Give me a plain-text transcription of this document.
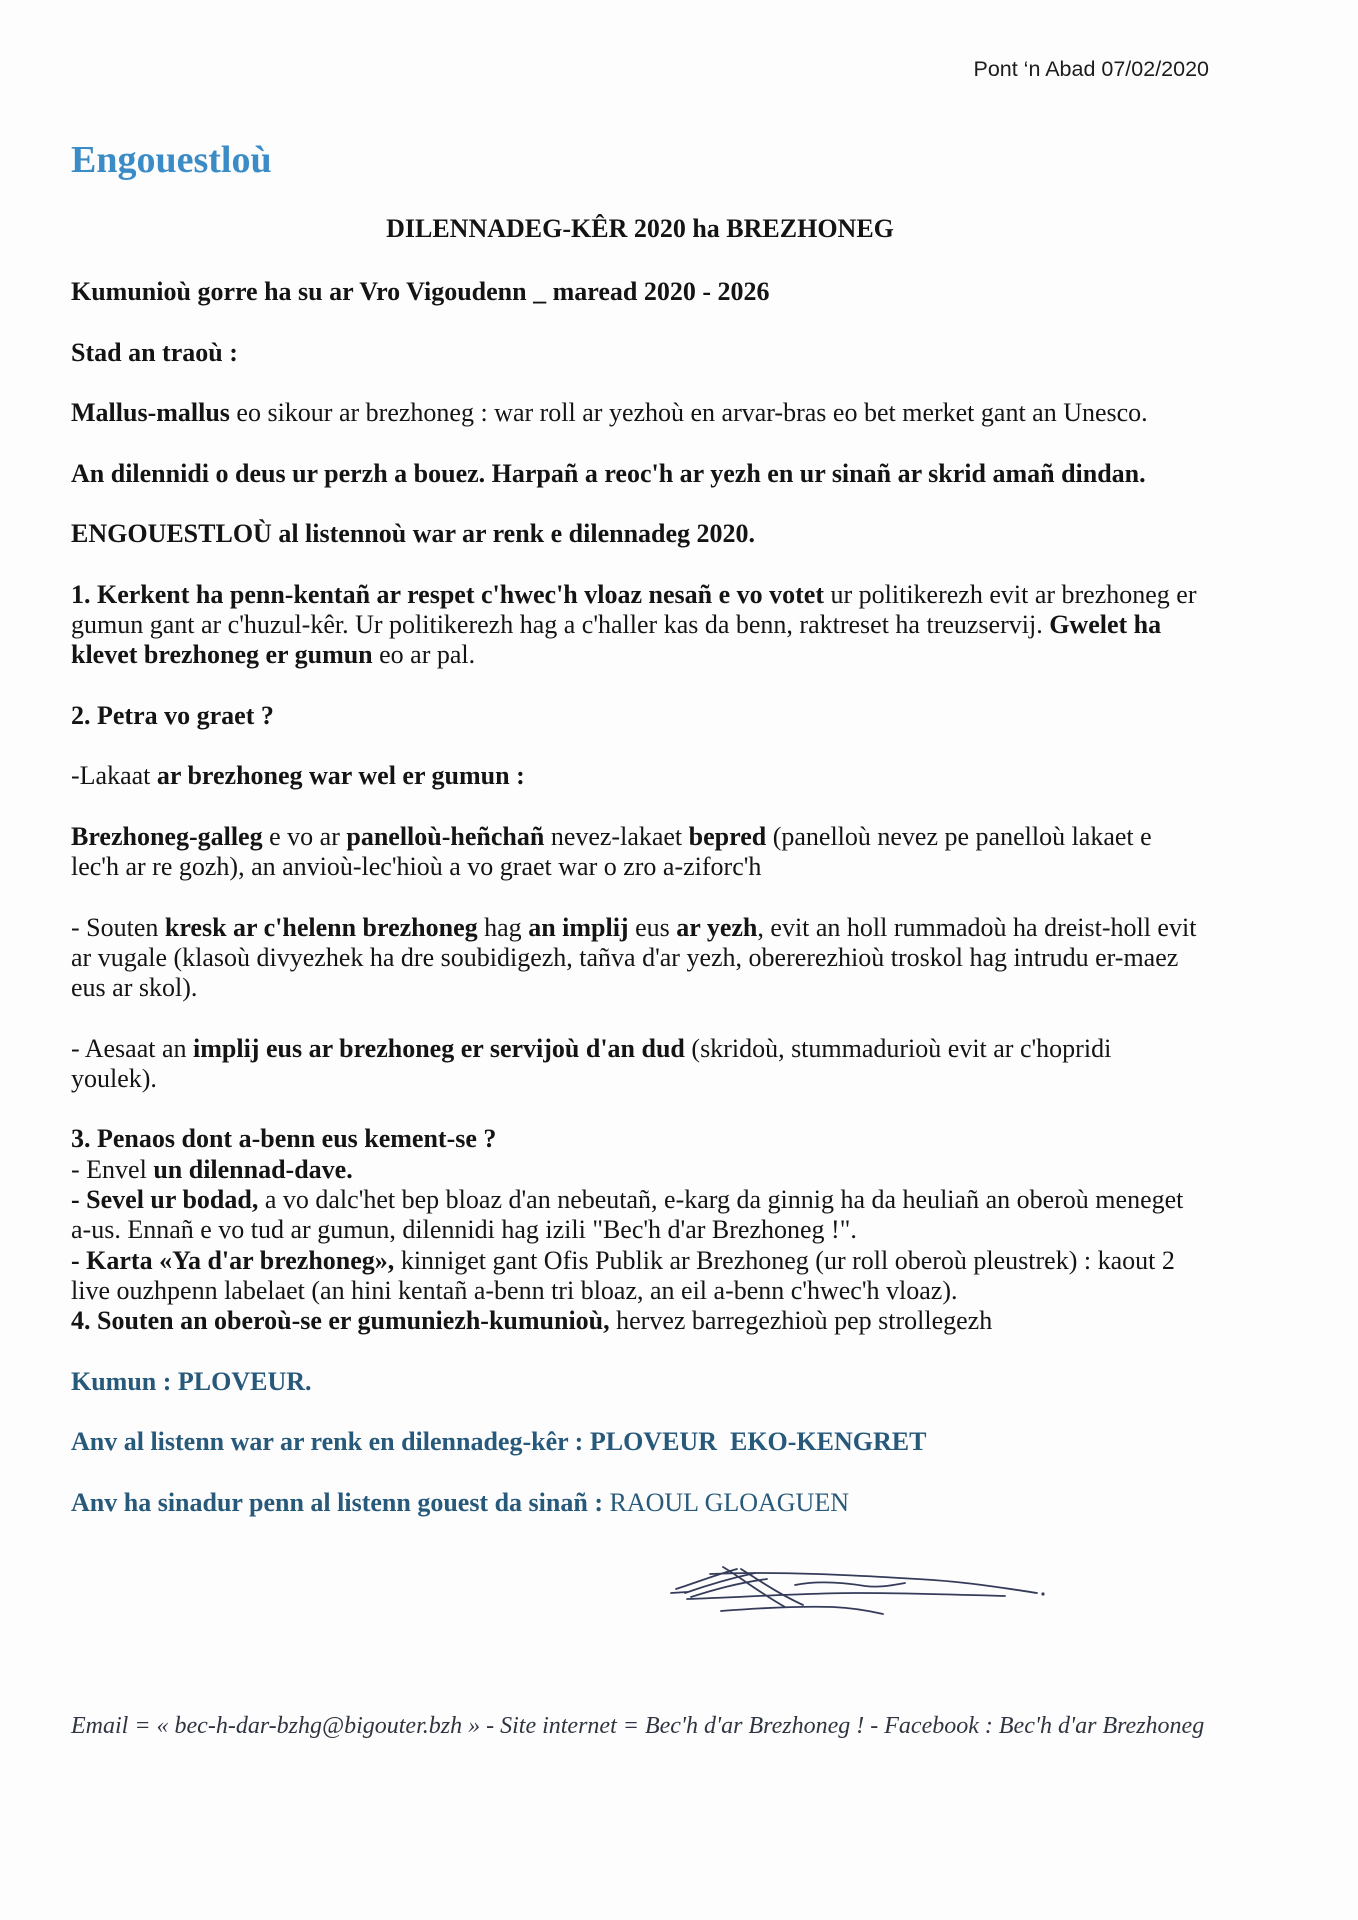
Pont ‘n Abad 07/02/2020
Engouestloù
DILENNADEG-KÊR 2020 ha BREZHONEG
Kumunioù gorre ha su ar Vro Vigoudenn _ maread 2020 - 2026
Stad an traoù :
Mallus-mallus eo sikour ar brezhoneg : war roll ar yezhoù en arvar-bras eo bet merket gant an Unesco.
An dilennidi o deus ur perzh a bouez. Harpañ a reoc'h ar yezh en ur sinañ ar skrid amañ dindan.
ENGOUESTLOÙ al listennoù war ar renk e dilennadeg 2020.
1. Kerkent ha penn-kentañ ar respet c'hwec'h vloaz nesañ e vo votet ur politikerezh evit ar brezhoneg er
gumun gant ar c'huzul-kêr. Ur politikerezh hag a c'haller kas da benn, raktreset ha treuzservij. Gwelet ha
klevet brezhoneg er gumun eo ar pal.
2. Petra vo graet ?
-Lakaat ar brezhoneg war wel er gumun :
Brezhoneg-galleg e vo ar panelloù-heñchañ nevez-lakaet bepred (panelloù nevez pe panelloù lakaet e
lec'h ar re gozh), an anvioù-lec'hioù a vo graet war o zro a-ziforc'h
- Souten kresk ar c'helenn brezhoneg hag an implij eus ar yezh, evit an holl rummadoù ha dreist-holl evit
ar vugale (klasoù divyezhek ha dre soubidigezh, tañva d'ar yezh, obererezhioù troskol hag intrudu er-maez
eus ar skol).
- Aesaat an implij eus ar brezhoneg er servijoù d'an dud (skridoù, stummadurioù evit ar c'hopridi
youlek).
3. Penaos dont a-benn eus kement-se ?
- Envel un dilennad-dave.
- Sevel ur bodad, a vo dalc'het bep bloaz d'an nebeutañ, e-karg da ginnig ha da heuliañ an oberoù meneget
a-us. Ennañ e vo tud ar gumun, dilennidi hag izili "Bec'h d'ar Brezhoneg !".
- Karta «Ya d'ar brezhoneg», kinniget gant Ofis Publik ar Brezhoneg (ur roll oberoù pleustrek) : kaout 2
live ouzhpenn labelaet (an hini kentañ a-benn tri bloaz, an eil a-benn c'hwec'h vloaz).
4. Souten an oberoù-se er gumuniezh-kumunioù, hervez barregezhioù pep strollegezh
Kumun : PLOVEUR.
Anv al listenn war ar renk en dilennadeg-kêr : PLOVEUR  EKO-KENGRET
Anv ha sinadur penn al listenn gouest da sinañ : RAOUL GLOAGUEN
Email = « bec-h-dar-bzhg@bigouter.bzh » - Site internet = Bec'h d'ar Brezhoneg ! - Facebook : Bec'h d'ar Brezhoneg
